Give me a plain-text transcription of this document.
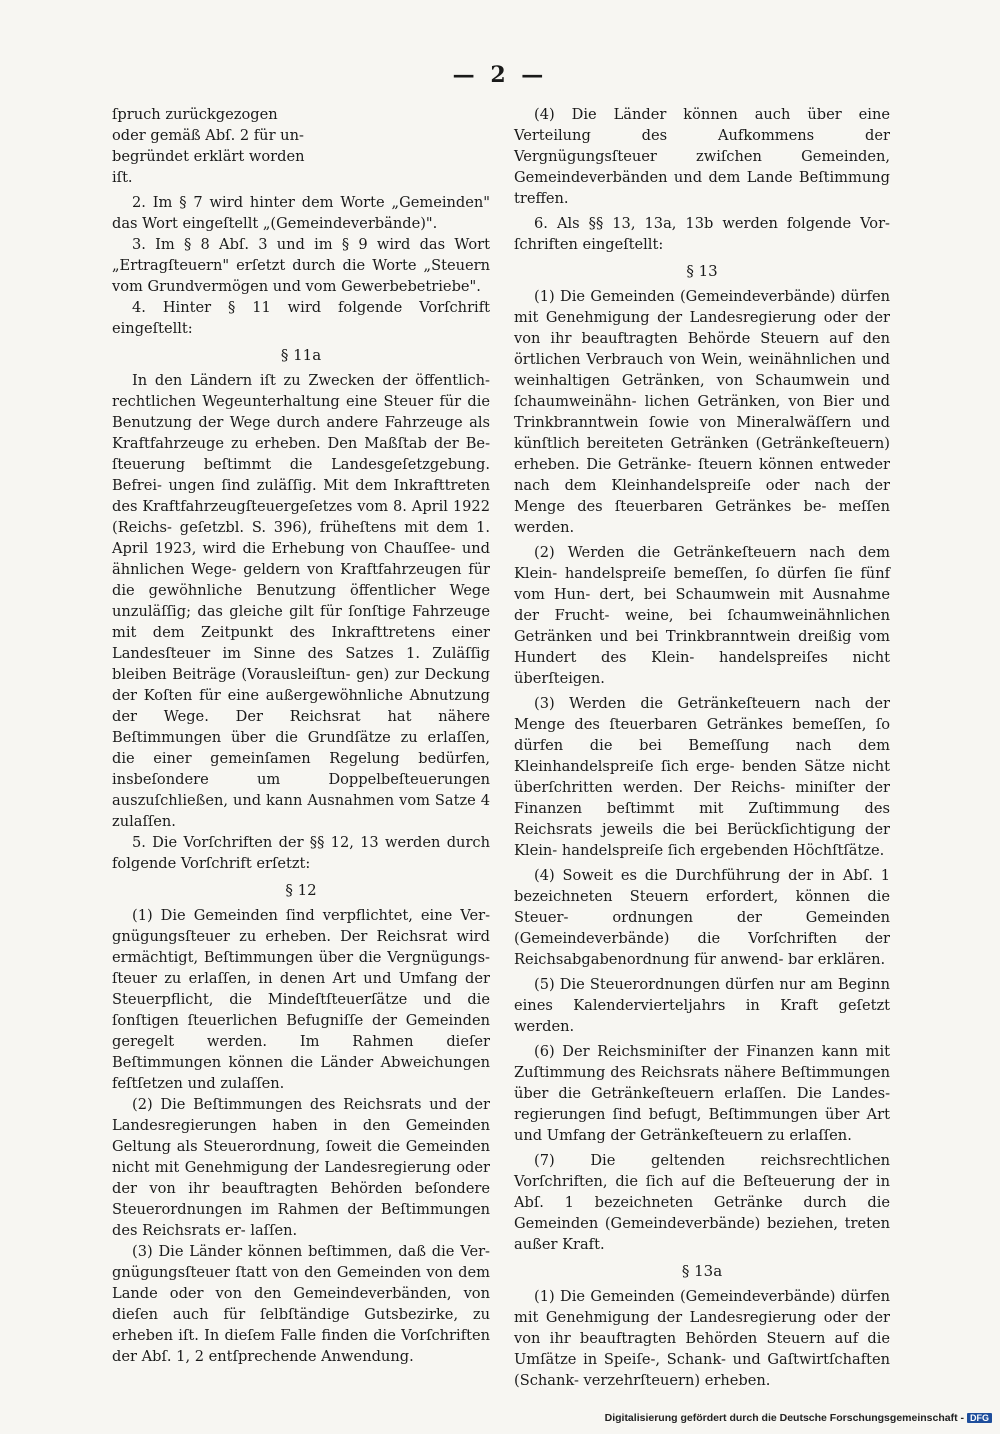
— 2 —

ſpruch zurückgezogen oder gemäß Abſ. 2 für un- begründet erklärt worden iſt.

2. Im § 7 wird hinter dem Worte „Gemeinden" das Wort eingeſtellt „(Gemeindeverbände)".

3. Im § 8 Abſ. 3 und im § 9 wird das Wort „Ertragſteuern" erſetzt durch die Worte „Steuern vom Grundvermögen und vom Gewerbebetriebe".

4. Hinter § 11 wird folgende Vorſchrift eingeſtellt:

§ 11a

In den Ländern iſt zu Zwecken der öffentlich- rechtlichen Wegeunterhaltung eine Steuer für die Benutzung der Wege durch andere Fahrzeuge als Kraftfahrzeuge zu erheben. Den Maßſtab der Be- ſteuerung beſtimmt die Landesgeſetzgebung. Befrei- ungen ſind zuläſſig. Mit dem Inkrafttreten des Kraftfahrzeugſteuergeſetzes vom 8. April 1922 (Reichs- geſetzbl. S. 396), früheſtens mit dem 1. April 1923, wird die Erhebung von Chauſſee- und ähnlichen Wege- geldern von Kraftfahrzeugen für die gewöhnliche Benutzung öffentlicher Wege unzuläſſig; das gleiche gilt für ſonſtige Fahrzeuge mit dem Zeitpunkt des Inkrafttretens einer Landesſteuer im Sinne des Satzes 1. Zuläſſig bleiben Beiträge (Vorausleiſtun- gen) zur Deckung der Koſten für eine außergewöhnliche Abnutzung der Wege. Der Reichsrat hat nähere Beſtimmungen über die Grundſätze zu erlaſſen, die einer gemeinſamen Regelung bedürfen, insbeſondere um Doppelbeſteuerungen auszuſchließen, und kann Ausnahmen vom Satze 4 zulaſſen.

5. Die Vorſchriften der §§ 12, 13 werden durch folgende Vorſchrift erſetzt:

§ 12

(1) Die Gemeinden ſind verpflichtet, eine Ver- gnügungsſteuer zu erheben. Der Reichsrat wird ermächtigt, Beſtimmungen über die Vergnügungs- ſteuer zu erlaſſen, in denen Art und Umfang der Steuerpflicht, die Mindeſtſteuerſätze und die ſonſtigen ſteuerlichen Befugniſſe der Gemeinden geregelt werden. Im Rahmen dieſer Beſtimmungen können die Länder Abweichungen feſtſetzen und zulaſſen.

(2) Die Beſtimmungen des Reichsrats und der Landesregierungen haben in den Gemeinden Geltung als Steuerordnung, ſoweit die Gemeinden nicht mit Genehmigung der Landesregierung oder der von ihr beauftragten Behörden beſondere Steuerordnungen im Rahmen der Beſtimmungen des Reichsrats er- laſſen.

(3) Die Länder können beſtimmen, daß die Ver- gnügungsſteuer ſtatt von den Gemeinden von dem Lande oder von den Gemeindeverbänden, von dieſen auch für ſelbſtändige Gutsbezirke, zu erheben iſt. In dieſem Falle finden die Vorſchriften der Abſ. 1, 2 entſprechende Anwendung.

(4) Die Länder können auch über eine Verteilung des Aufkommens der Vergnügungsſteuer zwiſchen Gemeinden, Gemeindeverbänden und dem Lande Beſtimmung treffen.

6. Als §§ 13, 13a, 13b werden folgende Vor- ſchriften eingeſtellt:

§ 13

(1) Die Gemeinden (Gemeindeverbände) dürfen mit Genehmigung der Landesregierung oder der von ihr beauftragten Behörde Steuern auf den örtlichen Verbrauch von Wein, weinähnlichen und weinhaltigen Getränken, von Schaumwein und ſchaumweinähn- lichen Getränken, von Bier und Trinkbranntwein ſowie von Mineralwäſſern und künſtlich bereiteten Getränken (Getränkeſteuern) erheben. Die Getränke- ſteuern können entweder nach dem Kleinhandelspreiſe oder nach der Menge des ſteuerbaren Getränkes be- meſſen werden.

(2) Werden die Getränkeſteuern nach dem Klein- handelspreiſe bemeſſen, ſo dürfen ſie fünf vom Hun- dert, bei Schaumwein mit Ausnahme der Frucht- weine, bei ſchaumweinähnlichen Getränken und bei Trinkbranntwein dreißig vom Hundert des Klein- handelspreiſes nicht überſteigen.

(3) Werden die Getränkeſteuern nach der Menge des ſteuerbaren Getränkes bemeſſen, ſo dürfen die bei Bemeſſung nach dem Kleinhandelspreiſe ſich erge- benden Sätze nicht überſchritten werden. Der Reichs- miniſter der Finanzen beſtimmt mit Zuſtimmung des Reichsrats jeweils die bei Berückſichtigung der Klein- handelspreiſe ſich ergebenden Höchſtſätze.

(4) Soweit es die Durchführung der in Abſ. 1 bezeichneten Steuern erfordert, können die Steuer- ordnungen der Gemeinden (Gemeindeverbände) die Vorſchriften der Reichsabgabenordnung für anwend- bar erklären.

(5) Die Steuerordnungen dürfen nur am Beginn eines Kalendervierteljahrs in Kraft geſetzt werden.

(6) Der Reichsminiſter der Finanzen kann mit Zuſtimmung des Reichsrats nähere Beſtimmungen über die Getränkeſteuern erlaſſen. Die Landes- regierungen ſind befugt, Beſtimmungen über Art und Umfang der Getränkeſteuern zu erlaſſen.

(7) Die geltenden reichsrechtlichen Vorſchriften, die ſich auf die Beſteuerung der in Abſ. 1 bezeichneten Getränke durch die Gemeinden (Gemeindeverbände) beziehen, treten außer Kraft.

§ 13a

(1) Die Gemeinden (Gemeindeverbände) dürfen mit Genehmigung der Landesregierung oder der von ihr beauftragten Behörden Steuern auf die Umſätze in Speiſe-, Schank- und Gaſtwirtſchaften (Schank- verzehrſteuern) erheben.

Digitalisierung gefördert durch die Deutsche Forschungsgemeinschaft - DFG
